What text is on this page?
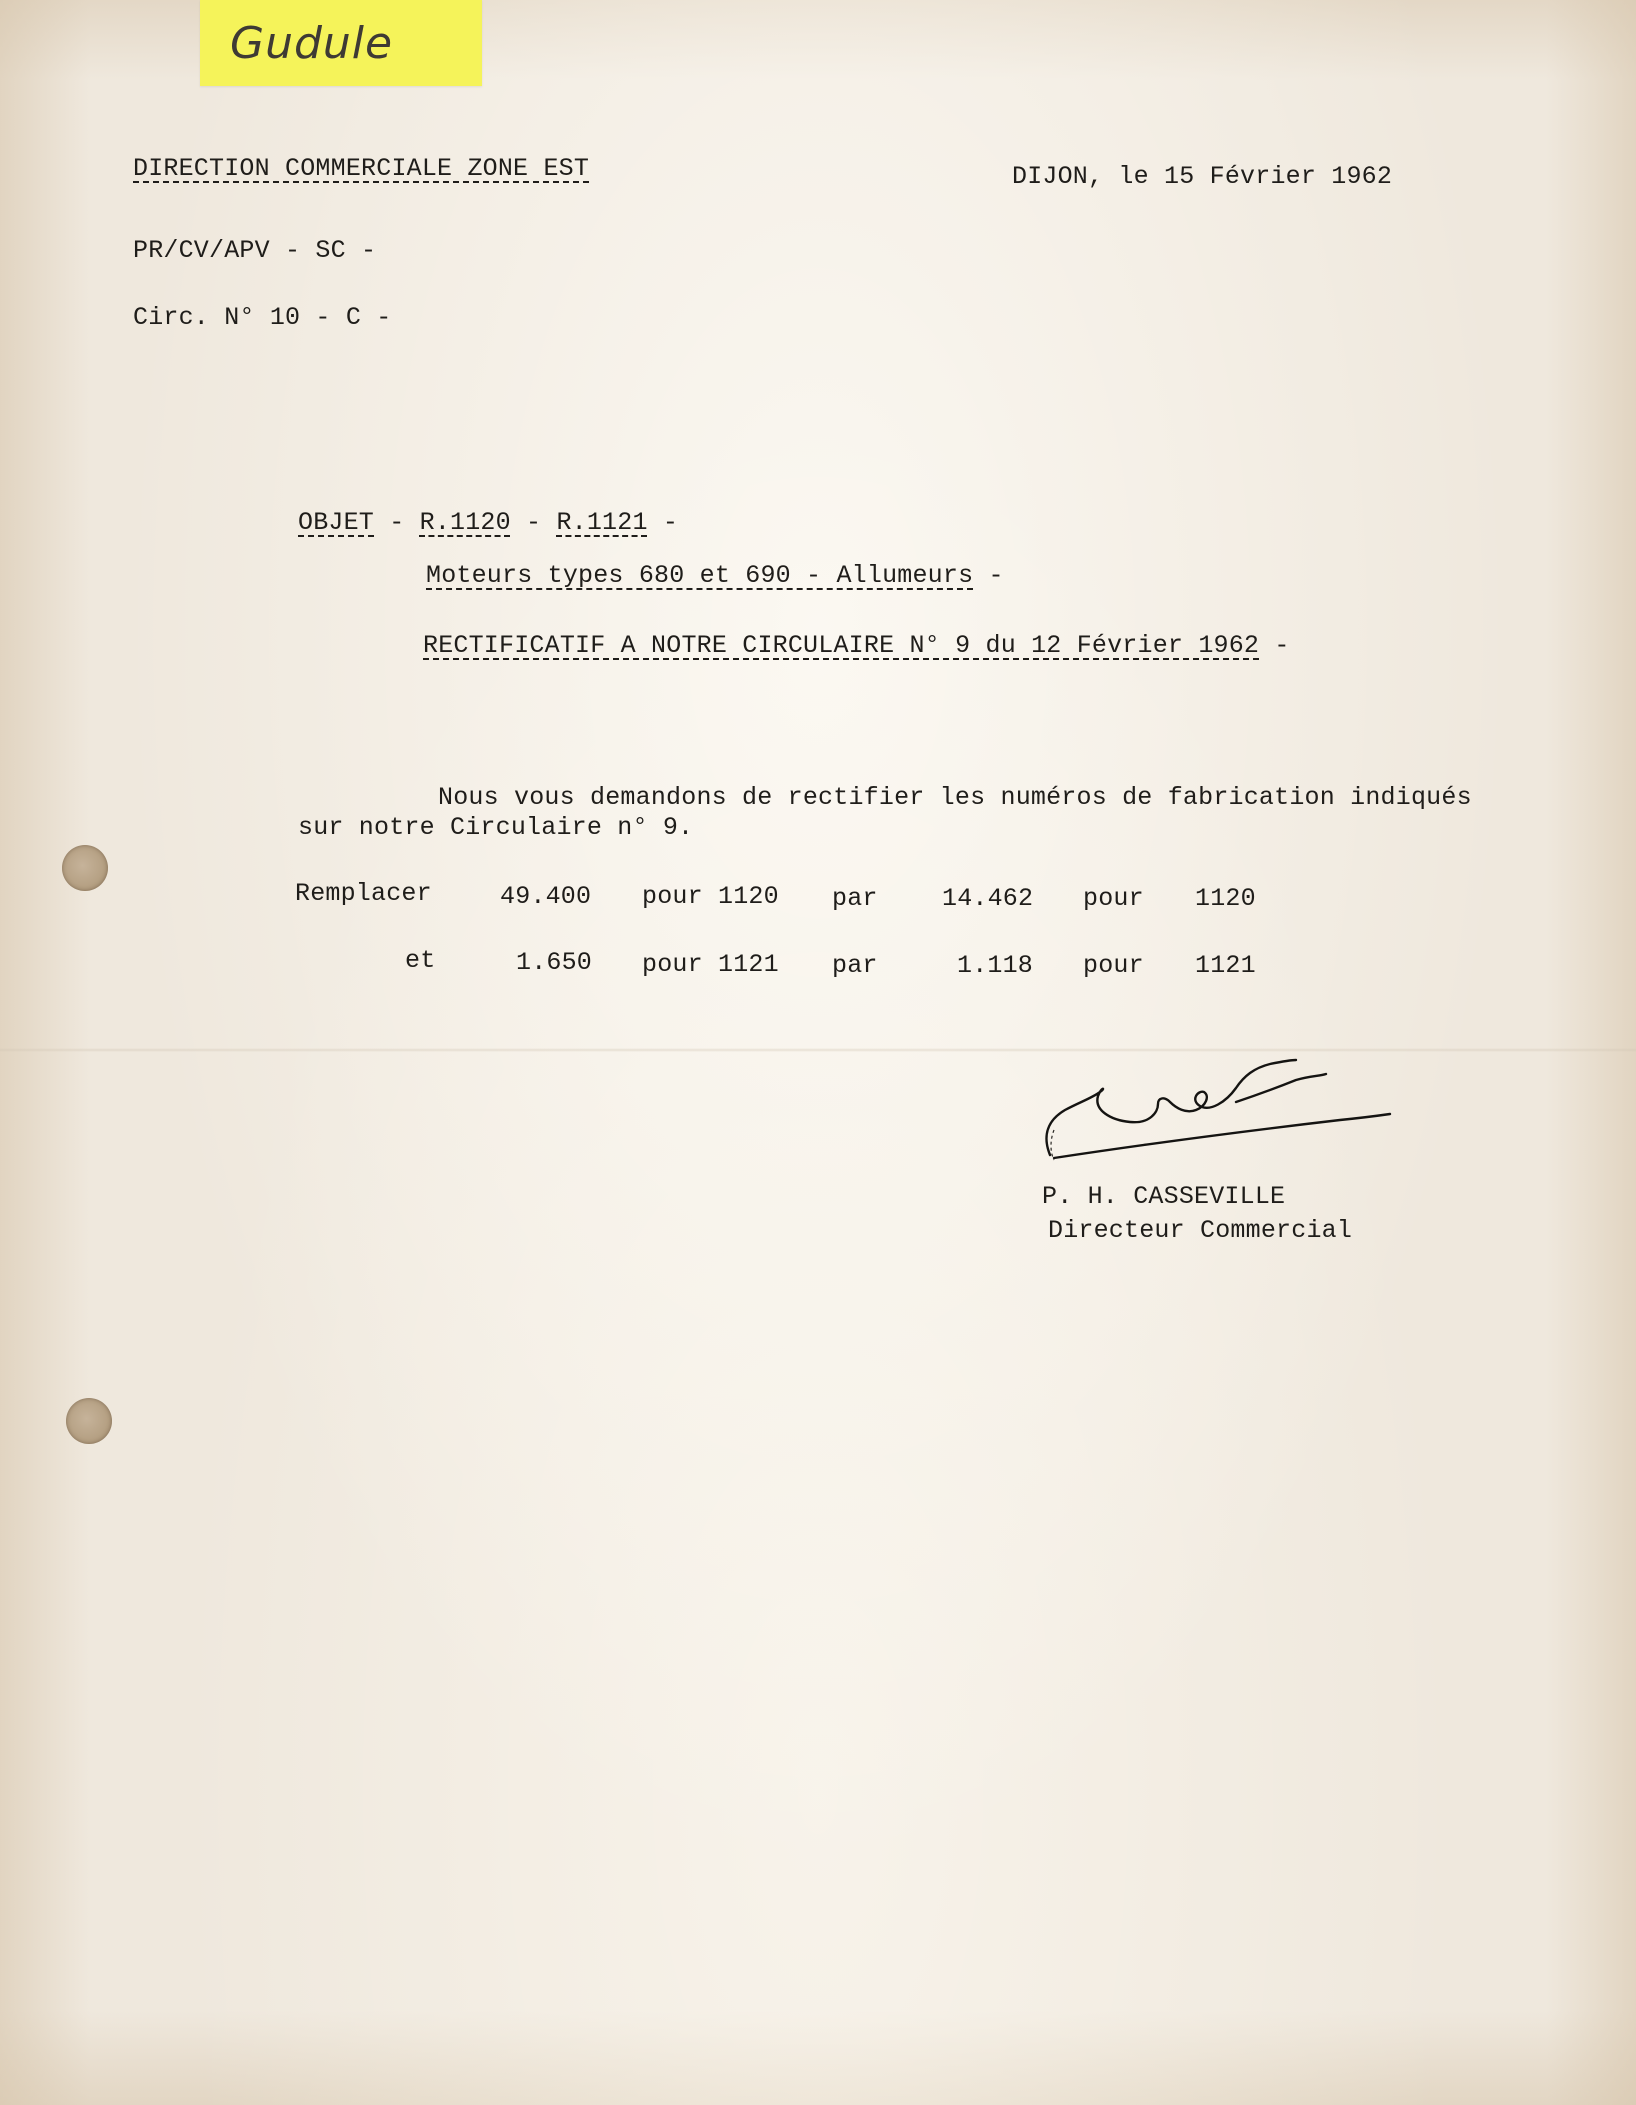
Gudule
DIRECTION COMMERCIALE ZONE EST	DIJON, le 15 Février 1962
PR/CV/APV - SC -
Circ. N° 10 - C -
OBJET - R.1120 - R.1121 -
Moteurs types 680 et 690 - Allumeurs -
RECTIFICATIF A NOTRE CIRCULAIRE N° 9 du 12 Février 1962 -
Nous vous demandons de rectifier les numéros de fabrication indiqués
sur notre Circulaire n° 9.
Remplacer	49.400 pour 1120 par	14.462 pour 1120
et	1.650 pour 1121 par	1.118 pour 1121
P. H. CASSEVILLE
Directeur Commercial
